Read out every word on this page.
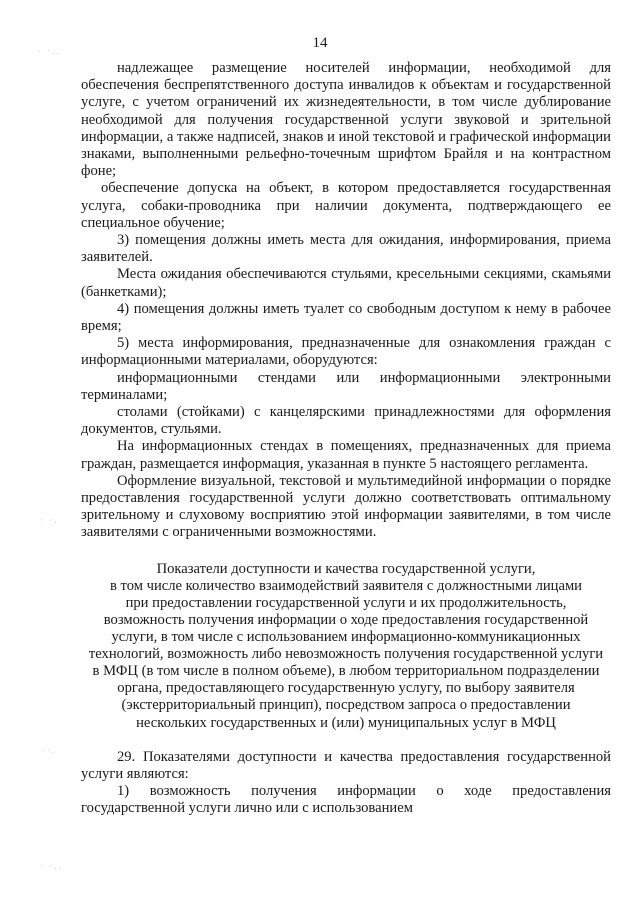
14
· ·..
· ·.
··.
· ·..

надлежащее размещение носителей информации, необходимой для обеспечения беспрепятственного доступа инвалидов к объектам и государственной услуге, с учетом ограничений их жизнедеятельности, в том числе дублирование необходимой для получения государственной услуги звуковой и зрительной информации, а также надписей, знаков и иной текстовой и графической информации знаками, выполненными рельефно-точечным шрифтом Брайля и на контрастном фоне;

обеспечение допуска на объект, в котором предоставляется государственная услуга, собаки-проводника при наличии документа, подтверждающего ее специальное обучение;

3) помещения должны иметь места для ожидания, информирования, приема заявителей.

Места ожидания обеспечиваются стульями, кресельными секциями, скамьями (банкетками);

4) помещения должны иметь туалет со свободным доступом к нему в рабочее время;

5) места информирования, предназначенные для ознакомления граждан с информационными материалами, оборудуются:

информационными стендами или информационными электронными терминалами;

столами (стойками) с канцелярскими принадлежностями для оформления документов, стульями.

На информационных стендах в помещениях, предназначенных для приема граждан, размещается информация, указанная в пункте 5 настоящего регламента.

Оформление визуальной, текстовой и мультимедийной информации о порядке предоставления государственной услуги должно соответствовать оптимальному зрительному и слуховому восприятию этой информации заявителями, в том числе заявителями с ограниченными возможностями.

Показатели доступности и качества государственной услуги,
в том числе количество взаимодействий заявителя с должностными лицами
при предоставлении государственной услуги и их продолжительность,
возможность получения информации о ходе предоставления государственной
услуги, в том числе с использованием информационно-коммуникационных
технологий, возможность либо невозможность получения государственной услуги
в МФЦ (в том числе в полном объеме), в любом территориальном подразделении
органа, предоставляющего государственную услугу, по выбору заявителя
(экстерриториальный принцип), посредством запроса о предоставлении
нескольких государственных и (или) муниципальных услуг в МФЦ

29. Показателями доступности и качества предоставления государственной услуги являются:

1) возможность получения информации о ходе предоставления государственной услуги лично или с использованием
